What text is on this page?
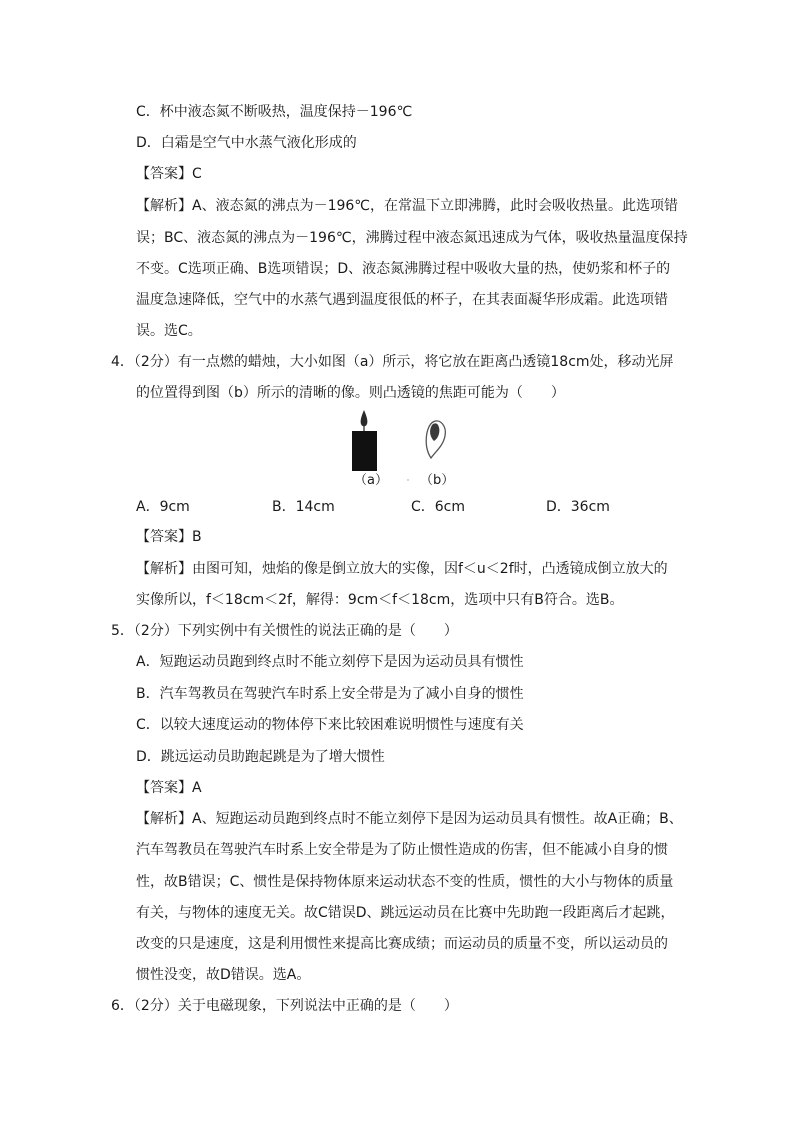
C．杯中液态氮不断吸热，温度保持－196℃
D．白霜是空气中水蒸气液化形成的
【答案】C
【解析】A、液态氮的沸点为－196℃，在常温下立即沸腾，此时会吸收热量。此选项错
误；BC、液态氮的沸点为－196℃，沸腾过程中液态氮迅速成为气体，吸收热量温度保持
不变。C选项正确、B选项错误；D、液态氮沸腾过程中吸收大量的热，使奶浆和杯子的
温度急速降低，空气中的水蒸气遇到温度很低的杯子，在其表面凝华形成霜。此选项错
误。选C。
4．（2分）有一点燃的蜡烛，大小如图（a）所示，将它放在距离凸透镜18cm处，移动光屏
的位置得到图（b）所示的清晰的像。则凸透镜的焦距可能为（　　）
（a） （b）
A．9cm	B．14cm	C．6cm	D．36cm
【答案】B
【解析】由图可知，烛焰的像是倒立放大的实像，因f＜u＜2f时，凸透镜成倒立放大的
实像所以，f＜18cm＜2f，解得：9cm＜f＜18cm，选项中只有B符合。选B。
5．（2分）下列实例中有关惯性的说法正确的是（　　）
A．短跑运动员跑到终点时不能立刻停下是因为运动员具有惯性
B．汽车驾教员在驾驶汽车时系上安全带是为了减小自身的惯性
C．以较大速度运动的物体停下来比较困难说明惯性与速度有关
D．跳远运动员助跑起跳是为了增大惯性
【答案】A
【解析】A、短跑运动员跑到终点时不能立刻停下是因为运动员具有惯性。故A正确；B、
汽车驾教员在驾驶汽车时系上安全带是为了防止惯性造成的伤害，但不能减小自身的惯
性，故B错误；C、惯性是保持物体原来运动状态不变的性质，惯性的大小与物体的质量
有关，与物体的速度无关。故C错误D、跳远运动员在比赛中先助跑一段距离后才起跳，
改变的只是速度，这是利用惯性来提高比赛成绩；而运动员的质量不变，所以运动员的
惯性没变，故D错误。选A。
6．（2分）关于电磁现象，下列说法中正确的是（　　）
